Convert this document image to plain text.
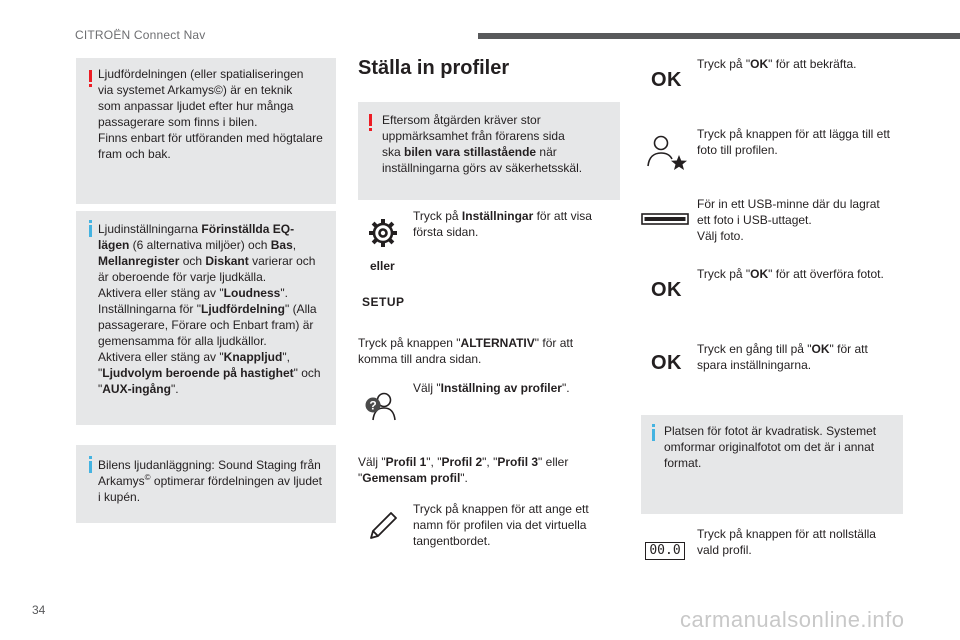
CITROËN Connect Nav
Ljudfördelningen (eller spatialiseringen
via systemet Arkamys©) är en teknik
som anpassar ljudet efter hur många
passagerare som finns i bilen.
Finns enbart för utföranden med högtalare
fram och bak.
Ljudinställningarna Förinställda EQ-
lägen (6 alternativa miljöer) och Bas,
Mellanregister och Diskant varierar och
är oberoende för varje ljudkälla.
Aktivera eller stäng av "Loudness".
Inställningarna för "Ljudfördelning" (Alla
passagerare, Förare och Enbart fram) är
gemensamma för alla ljudkällor.
Aktivera eller stäng av "Knappljud",
"Ljudvolym beroende på hastighet" och
"AUX-ingång".
Bilens ljudanläggning: Sound Staging från
Arkamys© optimerar fördelningen av ljudet
i kupén.
Ställa in profiler
Eftersom åtgärden kräver stor
uppmärksamhet från förarens sida
ska bilen vara stillastående när
inställningarna görs av säkerhetsskäl.
Tryck på Inställningar för att visa
första sidan.
eller
SETUP
Tryck på knappen "ALTERNATIV" för att
komma till andra sidan.
?
Välj "Inställning av profiler".
Välj "Profil 1", "Profil 2", "Profil 3" eller
"Gemensam profil".
Tryck på knappen för att ange ett
namn för profilen via det virtuella
tangentbordet.
OK
Tryck på "OK" för att bekräfta.
Tryck på knappen för att lägga till ett
foto till profilen.
För in ett USB-minne där du lagrat
ett foto i USB-uttaget.
Välj foto.
OK
Tryck på "OK" för att överföra fotot.
OK
Tryck en gång till på "OK" för att
spara inställningarna.
Platsen för fotot är kvadratisk. Systemet
omformar originalfotot om det är i annat
format.
00.0
Tryck på knappen för att nollställa
vald profil.
34	carmanualsonline.info
